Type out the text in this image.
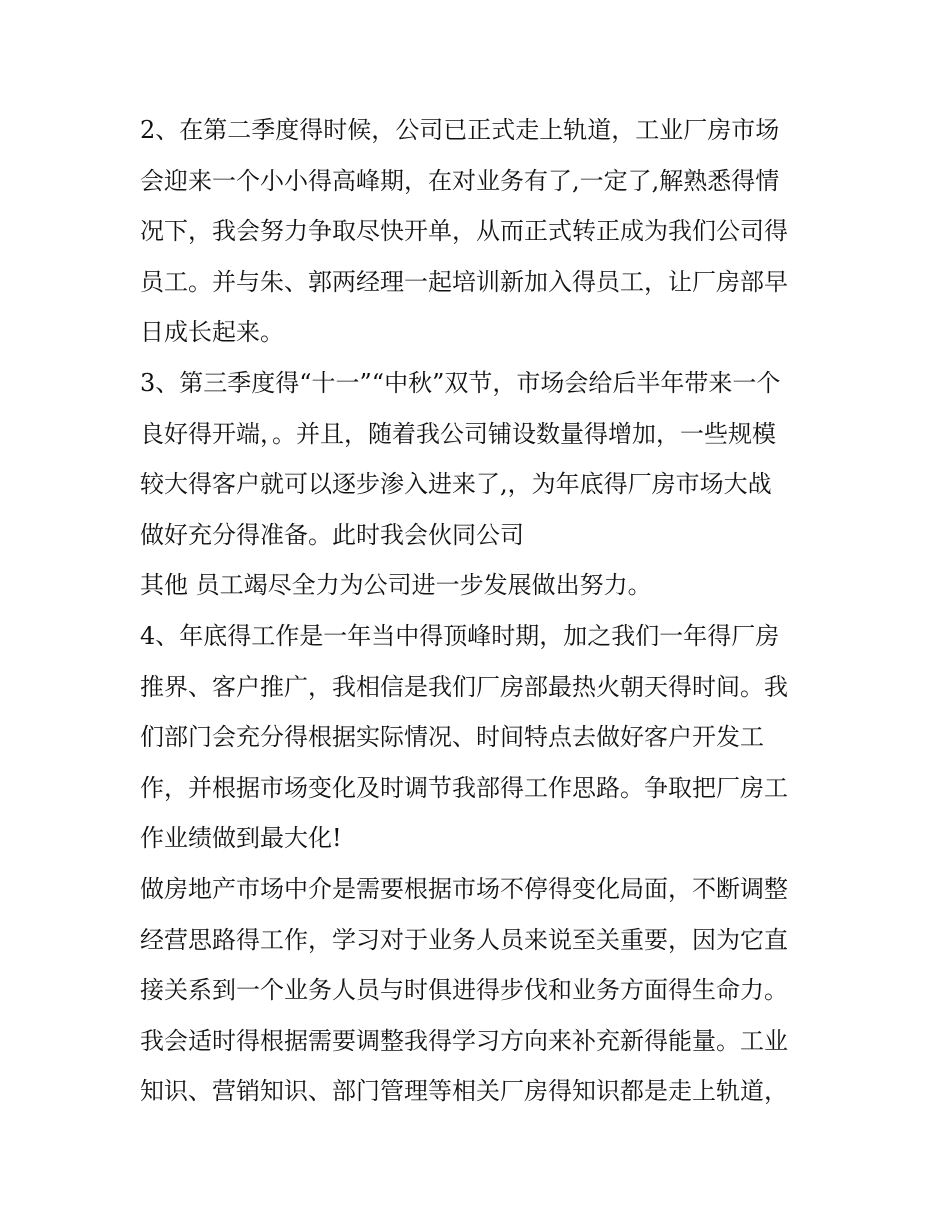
2、在第二季度得时候，公司已正式走上轨道，工业厂房市场
会迎来一个小小得高峰期，在对业务有了,一定了,解熟悉得情
况下，我会努力争取尽快开单，从而正式转正成为我们公司得
员工。并与朱、郭两经理一起培训新加入得员工，让厂房部早
日成长起来。
3、第三季度得“十一”“中秋”双节，市场会给后半年带来一个
良好得开端，。并且，随着我公司铺设数量得增加，一些规模
较大得客户就可以逐步渗入进来了,，为年底得厂房市场大战
做好充分得准备。此时我会伙同公司
其他 员工竭尽全力为公司进一步发展做出努力。
4、年底得工作是一年当中得顶峰时期，加之我们一年得厂房
推界、客户推广，我相信是我们厂房部最热火朝天得时间。我
们部门会充分得根据实际情况、时间特点去做好客户开发工
作，并根据市场变化及时调节我部得工作思路。争取把厂房工
作业绩做到最大化!
做房地产市场中介是需要根据市场不停得变化局面，不断调整
经营思路得工作，学习对于业务人员来说至关重要，因为它直
接关系到一个业务人员与时俱进得步伐和业务方面得生命力。
我会适时得根据需要调整我得学习方向来补充新得能量。工业
知识、营销知识、部门管理等相关厂房得知识都是走上轨道，
